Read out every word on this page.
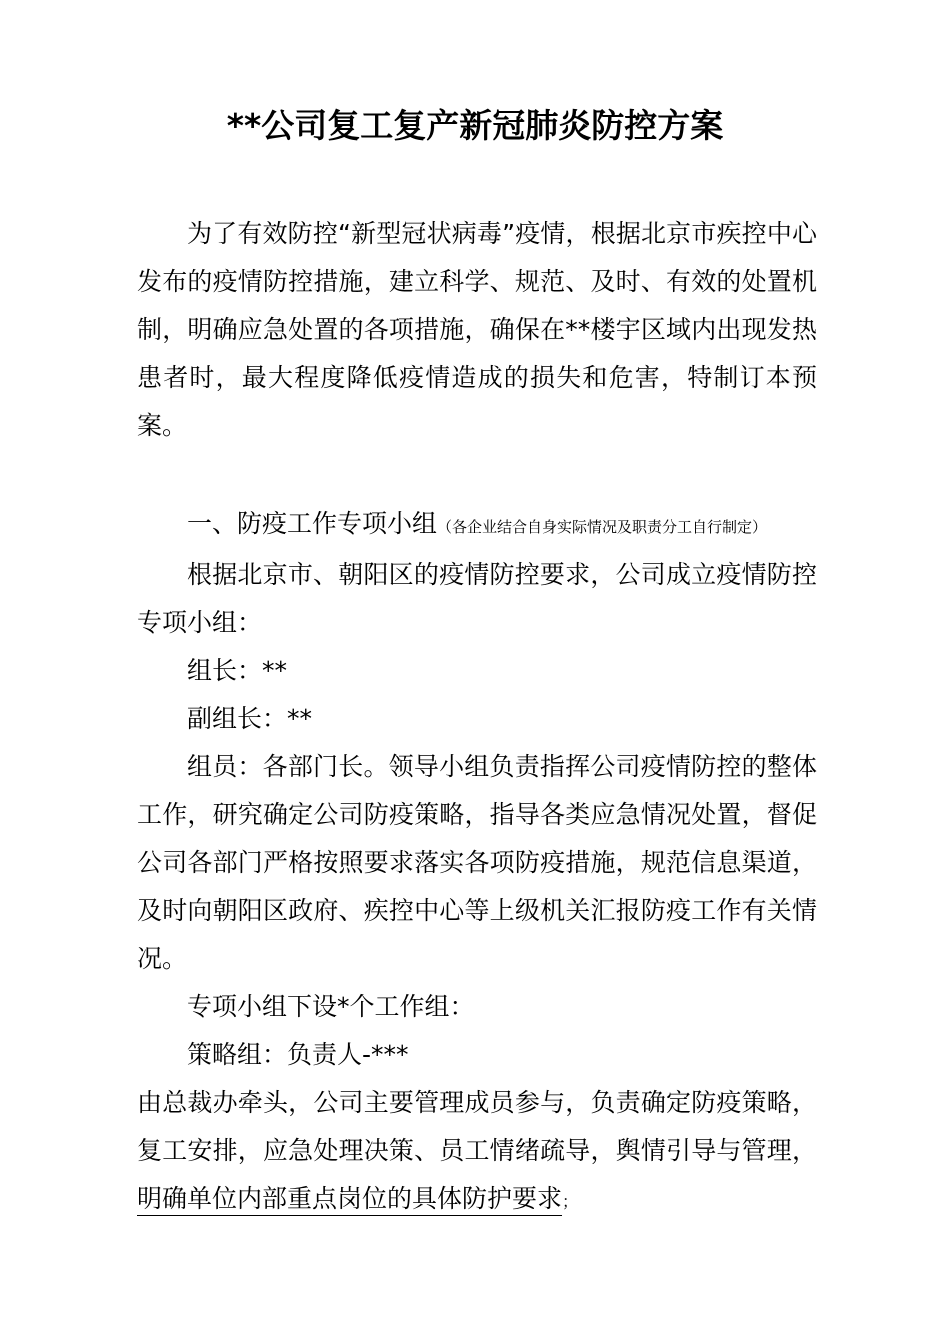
**公司复工复产新冠肺炎防控方案

为了有效防控“新型冠状病毒”疫情，根据北京市疾控中心发布的疫情防控措施，建立科学、规范、及时、有效的处置机制，明确应急处置的各项措施，确保在**楼宇区域内出现发热患者时，最大程度降低疫情造成的损失和危害，特制订本预案。

一、防疫工作专项小组（各企业结合自身实际情况及职责分工自行制定）

根据北京市、朝阳区的疫情防控要求，公司成立疫情防控专项小组：

组长：**

副组长：**

组员：各部门长。领导小组负责指挥公司疫情防控的整体工作，研究确定公司防疫策略，指导各类应急情况处置，督促公司各部门严格按照要求落实各项防疫措施，规范信息渠道，及时向朝阳区政府、疾控中心等上级机关汇报防疫工作有关情况。

专项小组下设*个工作组：

策略组：负责人-***

由总裁办牵头，公司主要管理成员参与，负责确定防疫策略，复工安排，应急处理决策、员工情绪疏导，舆情引导与管理，明确单位内部重点岗位的具体防护要求；
